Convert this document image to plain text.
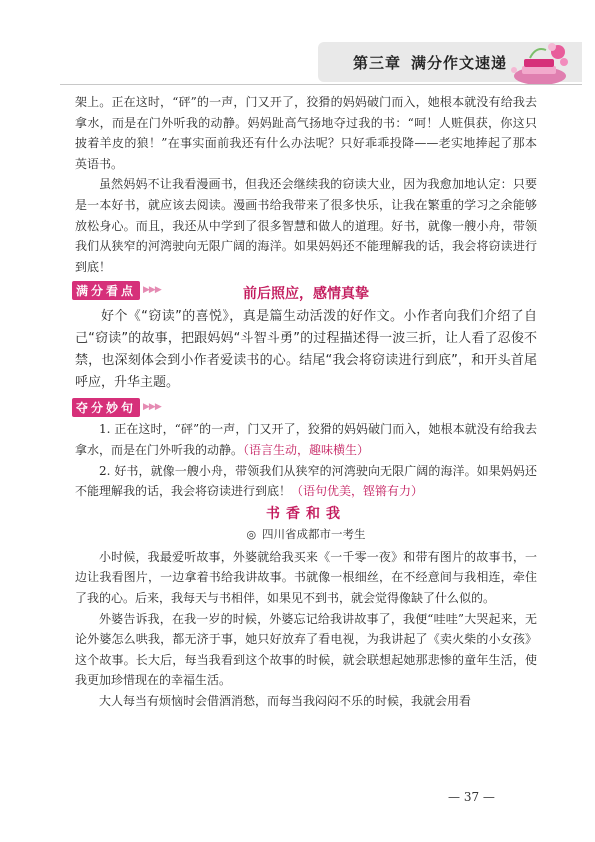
第三章 满分作文速递

架上。正在这时，“砰”的一声，门又开了，狡猾的妈妈破门而入，她根本就没有给我去拿水，而是在门外听我的动静。妈妈趾高气扬地夺过我的书：“呵！人赃俱获，你这只披着羊皮的狼！”在事实面前我还有什么办法呢？只好乖乖投降——老实地捧起了那本英语书。

虽然妈妈不让我看漫画书，但我还会继续我的窃读大业，因为我愈加地认定：只要是一本好书，就应该去阅读。漫画书给我带来了很多快乐，让我在繁重的学习之余能够放松身心。而且，我还从中学到了很多智慧和做人的道理。好书，就像一艘小舟，带领我们从狭窄的河湾驶向无限广阔的海洋。如果妈妈还不能理解我的话，我会将窃读进行到底！

满分看点 ▶▶▶	前后照应，感情真挚

好个《“窃读”的喜悦》，真是篇生动活泼的好作文。小作者向我们介绍了自己“窃读”的故事，把跟妈妈“斗智斗勇”的过程描述得一波三折，让人看了忍俊不禁，也深刻体会到小作者爱读书的心。结尾“我会将窃读进行到底”，和开头首尾呼应，升华主题。

夺分妙句 ▶▶▶

1. 正在这时，“砰”的一声，门又开了，狡猾的妈妈破门而入，她根本就没有给我去拿水，而是在门外听我的动静。（语言生动，趣味横生）

2. 好书，就像一艘小舟，带领我们从狭窄的河湾驶向无限广阔的海洋。如果妈妈还不能理解我的话，我会将窃读进行到底！（语句优美，铿锵有力）

书香和我
◎ 四川省成都市一考生

小时候，我最爱听故事，外婆就给我买来《一千零一夜》和带有图片的故事书，一边让我看图片，一边拿着书给我讲故事。书就像一根细丝，在不经意间与我相连，牵住了我的心。后来，我每天与书相伴，如果见不到书，就会觉得像缺了什么似的。

外婆告诉我，在我一岁的时候，外婆忘记给我讲故事了，我便“哇哇”大哭起来，无论外婆怎么哄我，都无济于事，她只好放弃了看电视，为我讲起了《卖火柴的小女孩》这个故事。长大后，每当我看到这个故事的时候，就会联想起她那悲惨的童年生活，使我更加珍惜现在的幸福生活。

大人每当有烦恼时会借酒消愁，而每当我闷闷不乐的时候，我就会用看

— 37 —
